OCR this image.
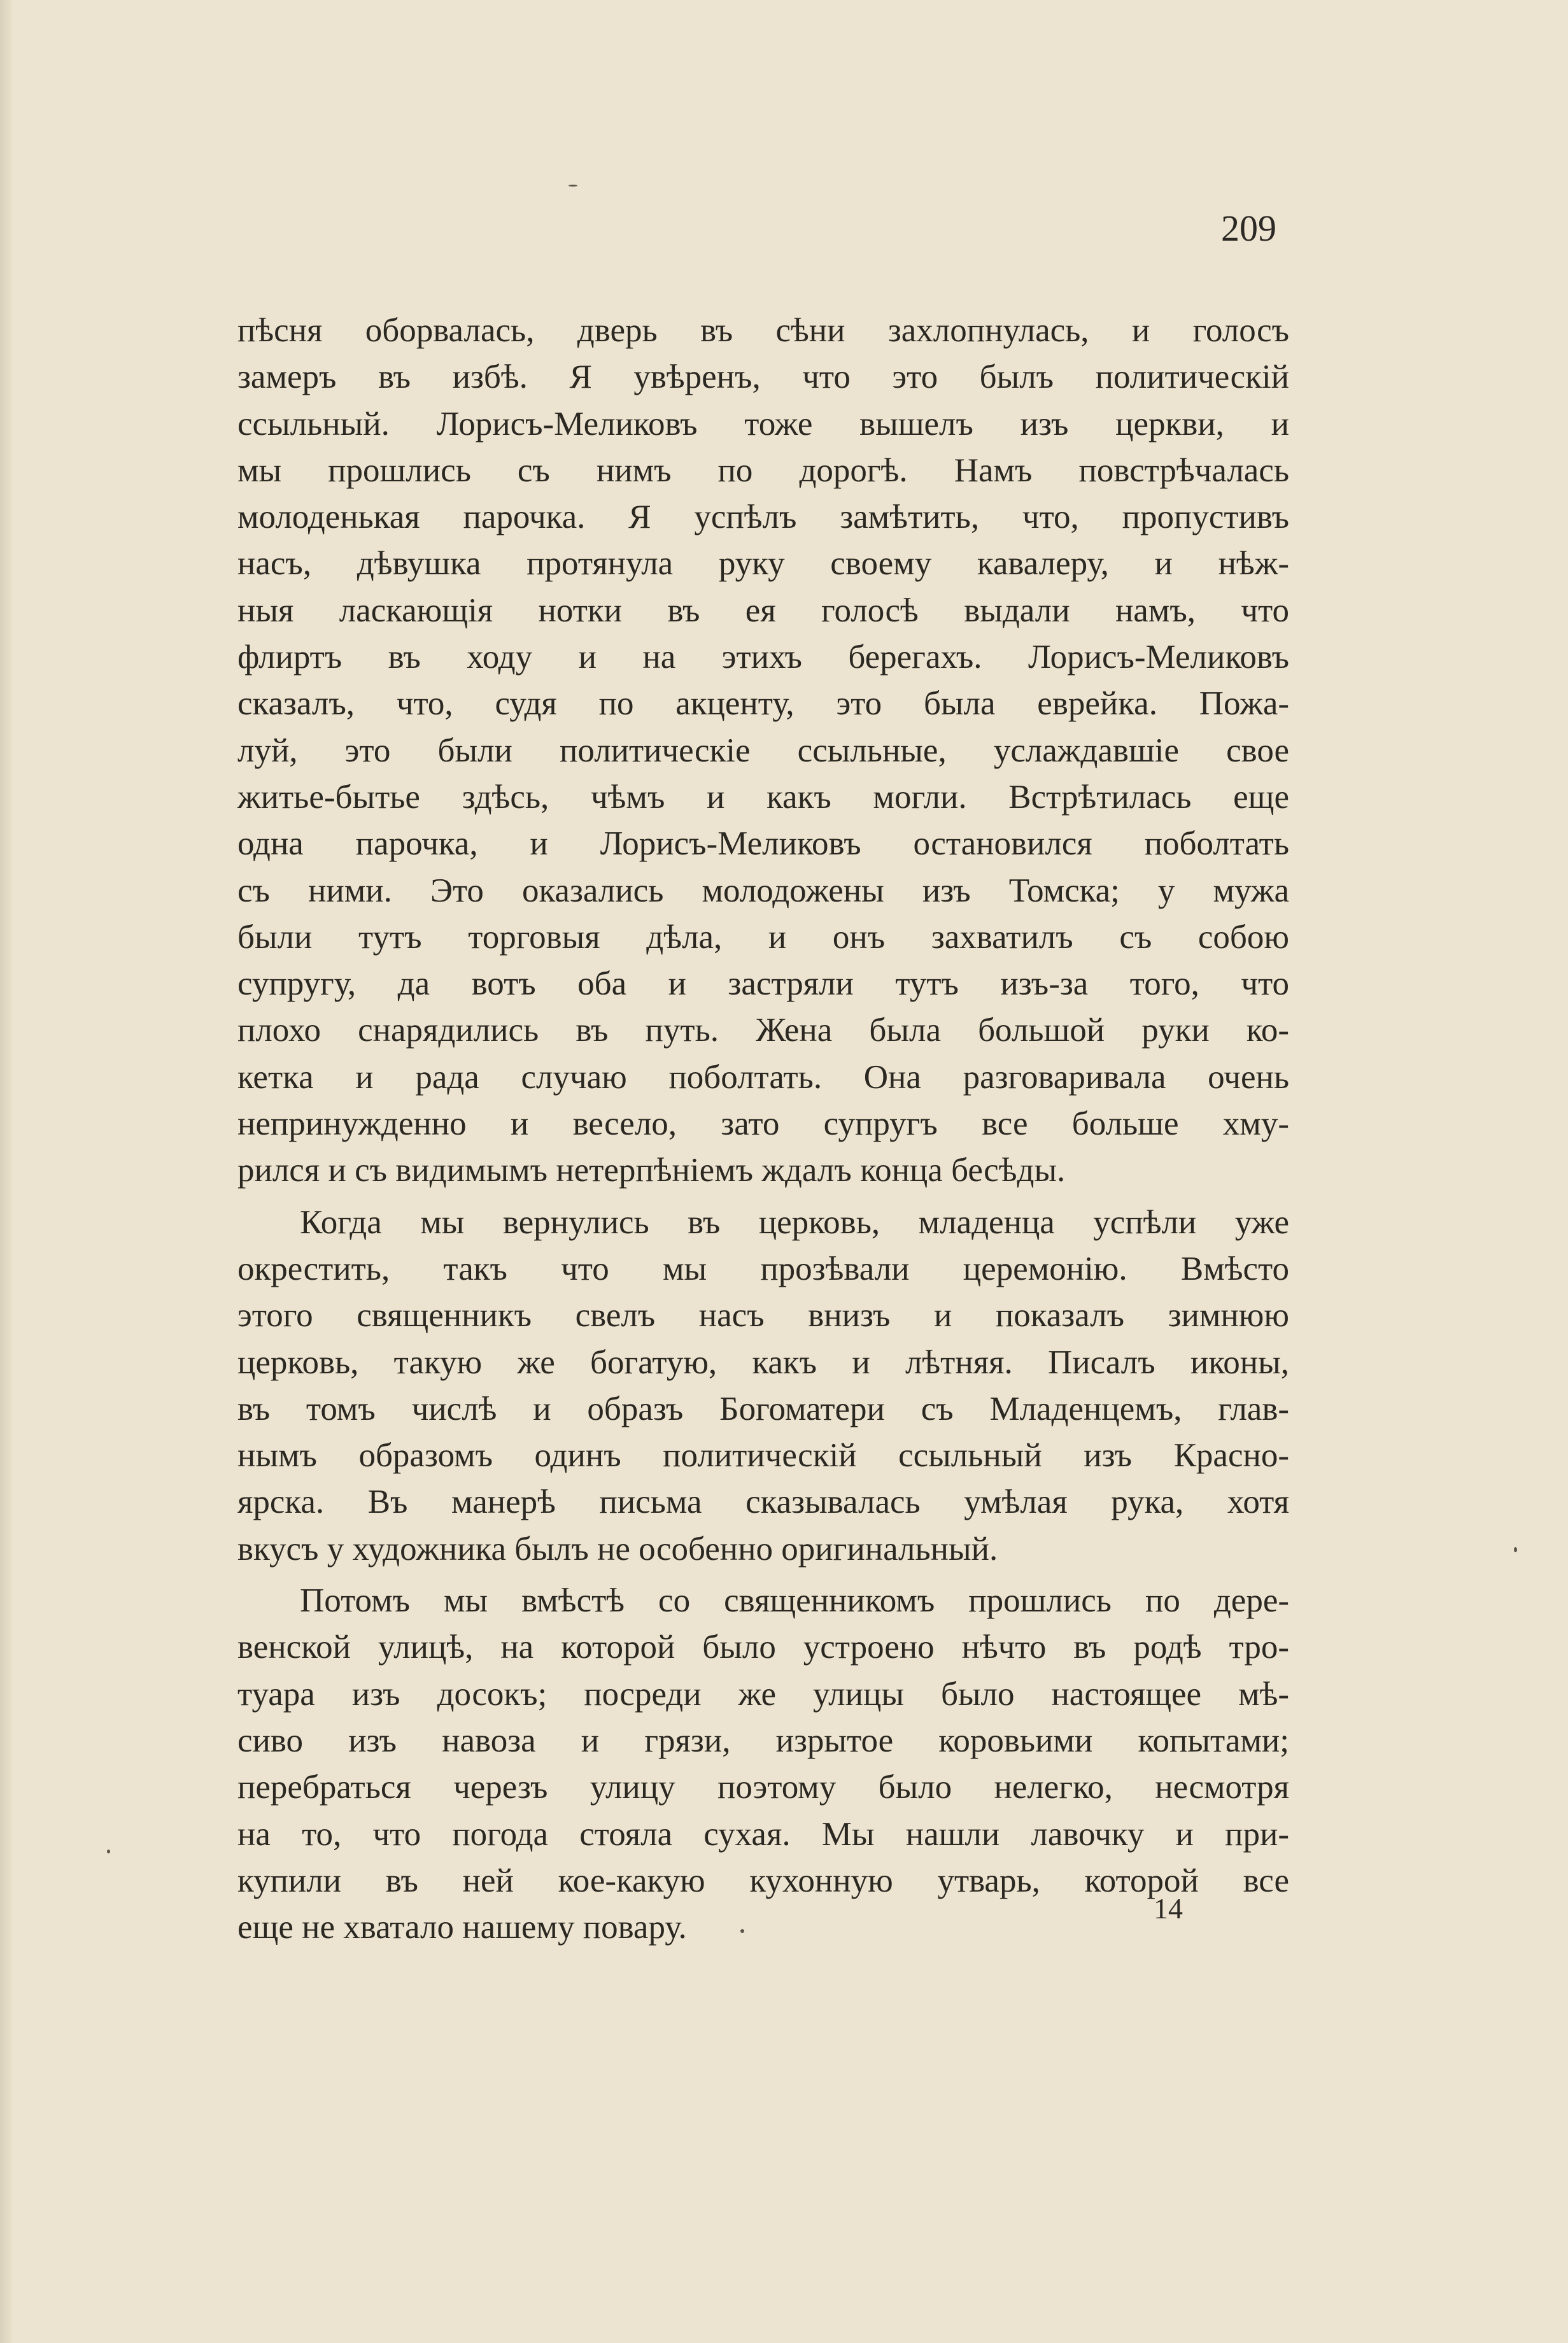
209

пѣсня оборвалась, дверь въ сѣни захлопнулась, и голосъ
замеръ въ избѣ. Я увѣренъ, что это былъ политическій
ссыльный. Лорисъ-Меликовъ тоже вышелъ изъ церкви, и
мы прошлись съ нимъ по дорогѣ. Намъ повстрѣчалась
молоденькая парочка. Я успѣлъ замѣтить, что, пропустивъ
насъ, дѣвушка протянула руку своему кавалеру, и нѣж-
ныя ласкающія нотки въ ея голосѣ выдали намъ, что
флиртъ въ ходу и на этихъ берегахъ. Лорисъ-Меликовъ
сказалъ, что, судя по акценту, это была еврейка. Пожа-
луй, это были политическіе ссыльные, услаждавшіе свое
житье-бытье здѣсь, чѣмъ и какъ могли. Встрѣтилась еще
одна парочка, и Лорисъ-Меликовъ остановился поболтать
съ ними. Это оказались молодожены изъ Томска; у мужа
были тутъ торговыя дѣла, и онъ захватилъ съ собою
супругу, да вотъ оба и застряли тутъ изъ-за того, что
плохо снарядились въ путь. Жена была большой руки ко-
кетка и рада случаю поболтать. Она разговаривала очень
непринужденно и весело, зато супругъ все больше хму-
рился и съ видимымъ нетерпѣніемъ ждалъ конца бесѣды.

Когда мы вернулись въ церковь, младенца успѣли уже
окрестить, такъ что мы прозѣвали церемонію. Вмѣсто
этого священникъ свелъ насъ внизъ и показалъ зимнюю
церковь, такую же богатую, какъ и лѣтняя. Писалъ иконы,
въ томъ числѣ и образъ Богоматери съ Младенцемъ, глав-
нымъ образомъ одинъ политическій ссыльный изъ Красно-
ярска. Въ манерѣ письма сказывалась умѣлая рука, хотя
вкусъ у художника былъ не особенно оригинальный.

Потомъ мы вмѣстѣ со священникомъ прошлись по дере-
венской улицѣ, на которой было устроено нѣчто въ родѣ тро-
туара изъ досокъ; посреди же улицы было настоящее мѣ-
сиво изъ навоза и грязи, изрытое коровьими копытами;
перебраться черезъ улицу поэтому было нелегко, несмотря
на то, что погода стояла сухая. Мы нашли лавочку и при-
купили въ ней кое-какую кухонную утварь, которой все
еще не хватало нашему повару.

14
